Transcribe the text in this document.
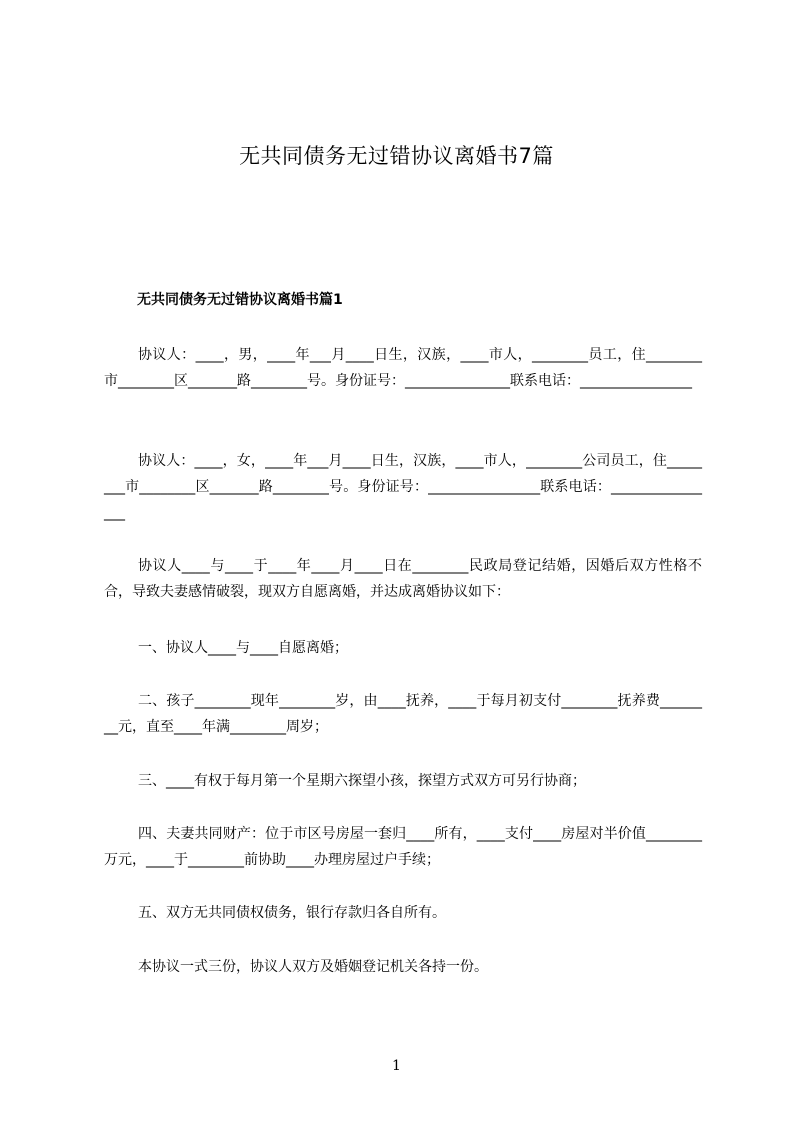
无共同债务无过错协议离婚书7篇
无共同债务无过错协议离婚书篇1
协议人：____，男，____年___月____日生，汉族，____市人，________员工，住________市________区_______路________号。身份证号：_______________联系电话：________________
协议人：____，女，____年___月____日生，汉族，____市人，________公司员工，住________市________区_______路________号。身份证号：________________联系电话：________________
协议人____与____于____年____月____日在________民政局登记结婚，因婚后双方性格不合，导致夫妻感情破裂，现双方自愿离婚，并达成离婚协议如下：
一、协议人____与____自愿离婚；
二、孩子________现年________岁，由____抚养，____于每月初支付________抚养费________元，直至____年满________周岁；
三、____有权于每月第一个星期六探望小孩，探望方式双方可另行协商；
四、夫妻共同财产：位于市区号房屋一套归____所有，____支付____房屋对半价值________万元，____于________前协助____办理房屋过户手续；
五、双方无共同债权债务，银行存款归各自所有。
本协议一式三份，协议人双方及婚姻登记机关各持一份。
1
